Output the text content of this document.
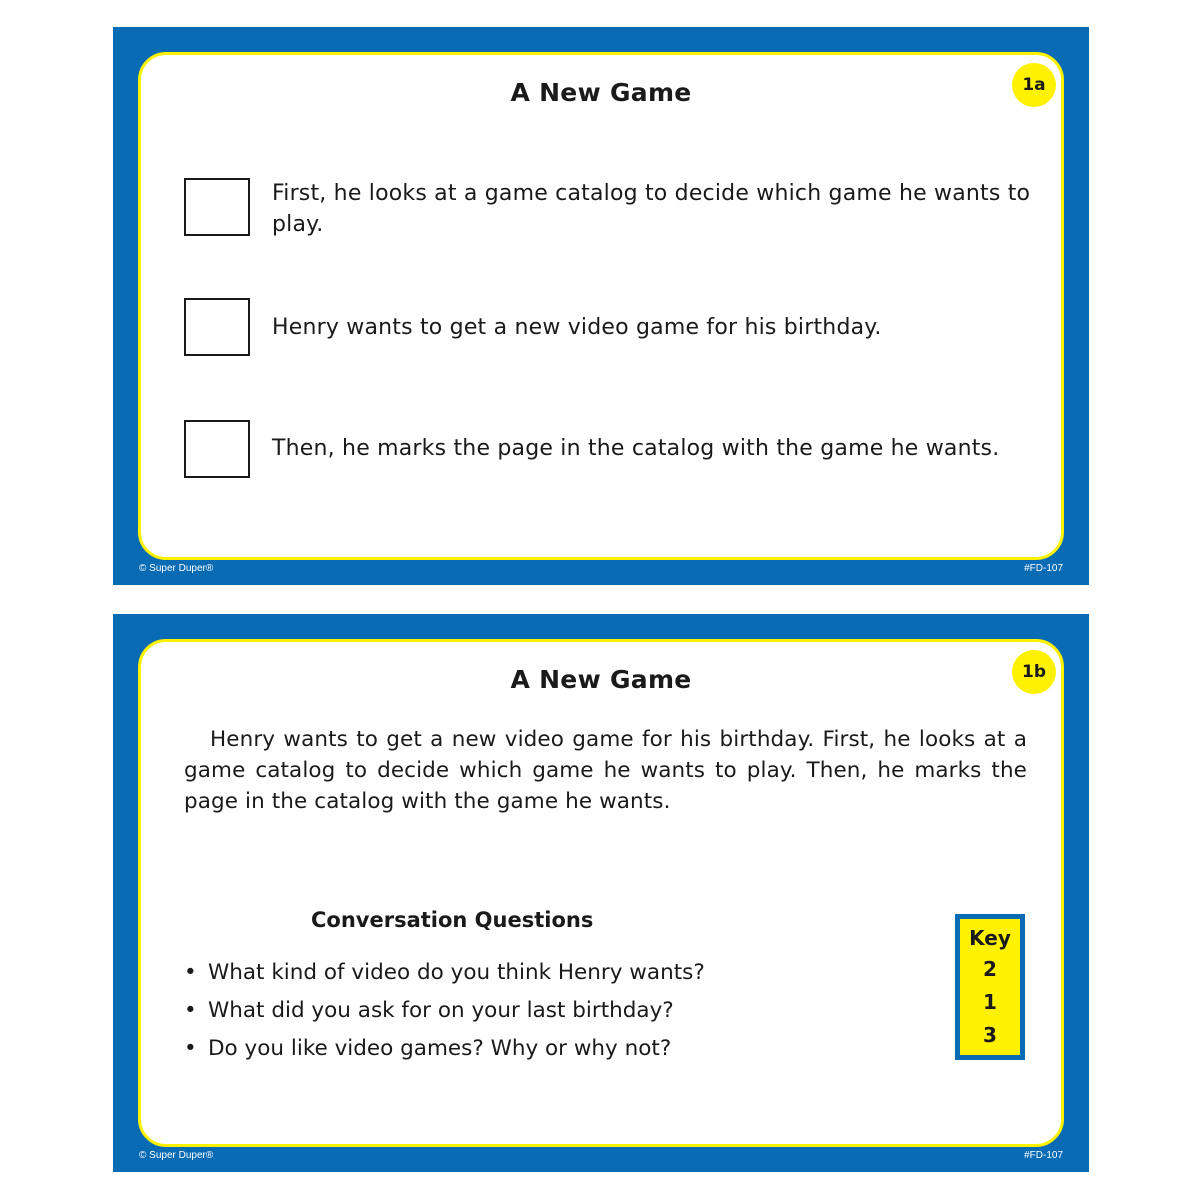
1a
A New Game
First, he looks at a game catalog to decide which game he wants to play.
Henry wants to get a new video game for his birthday.
Then, he marks the page in the catalog with the game he wants.
© Super Duper®	#FD-107
1b
A New Game
Henry wants to get a new video game for his birthday. First, he looks at a game catalog to decide which game he wants to play. Then, he marks the page in the catalog with the game he wants.
Conversation Questions
• What kind of video do you think Henry wants?
• What did you ask for on your last birthday?
• Do you like video games? Why or why not?
Key
2
1
3
© Super Duper®	#FD-107
